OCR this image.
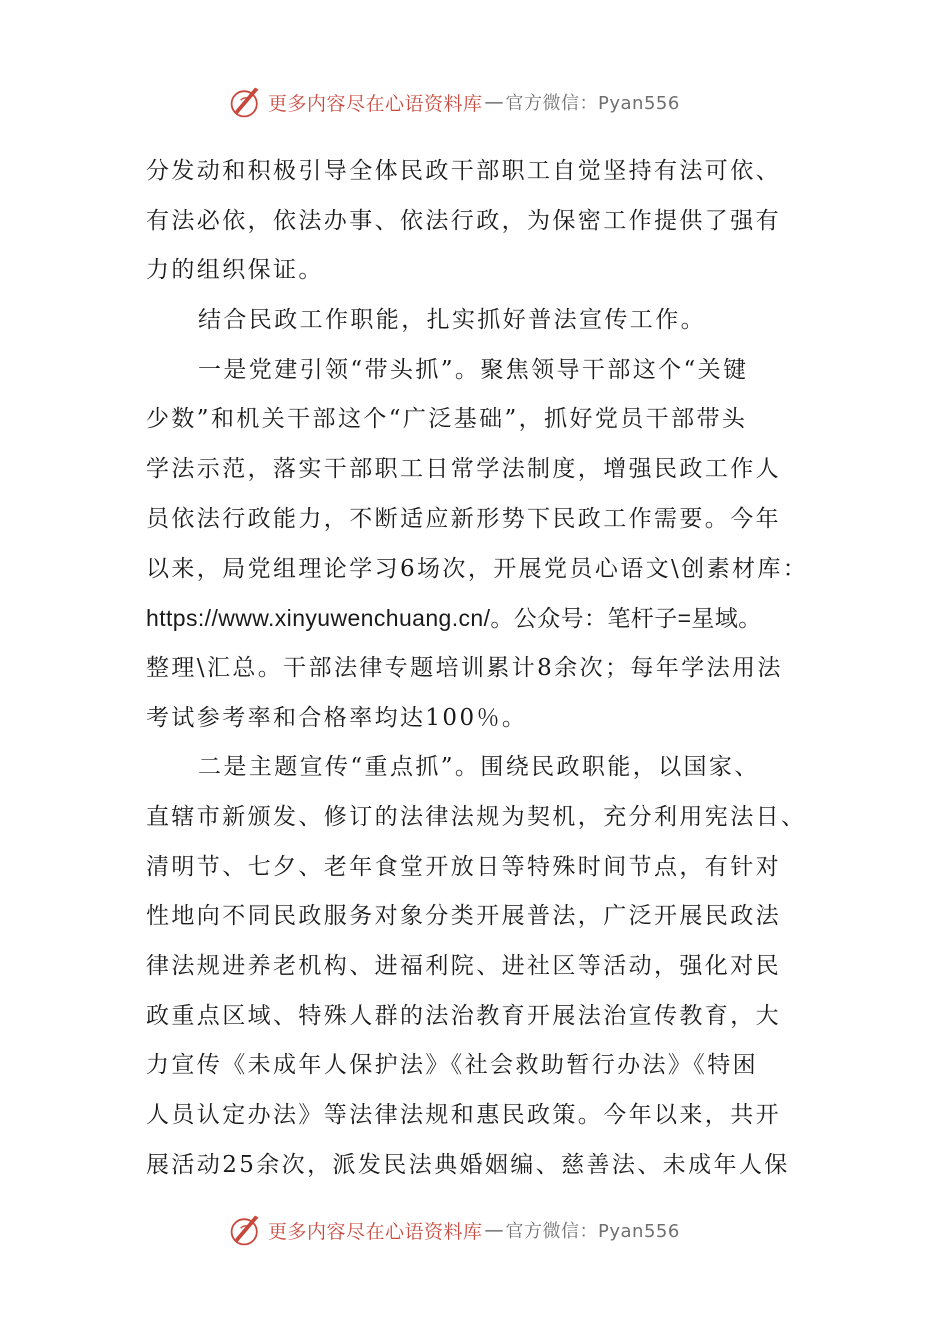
更多内容尽在心语资料库 — 官方微信：Pyan556
分发动和积极引导全体民政干部职工自觉坚持有法可依、
有法必依，依法办事、依法行政，为保密工作提供了强有
力的组织保证。
结合民政工作职能，扎实抓好普法宣传工作。
一是党建引领“带头抓”。聚焦领导干部这个“关键
少数”和机关干部这个“广泛基础”，抓好党员干部带头
学法示范，落实干部职工日常学法制度，增强民政工作人
员依法行政能力，不断适应新形势下民政工作需要。今年
以来，局党组理论学习6场次，开展党员心语文\创素材库：
https://www.xinyuwenchuang.cn/。公众号：笔杆子=星域。
整理\汇总。干部法律专题培训累计8余次；每年学法用法
考试参考率和合格率均达100％。
二是主题宣传“重点抓”。围绕民政职能，以国家、
直辖市新颁发、修订的法律法规为契机，充分利用宪法日、
清明节、七夕、老年食堂开放日等特殊时间节点，有针对
性地向不同民政服务对象分类开展普法，广泛开展民政法
律法规进养老机构、进福利院、进社区等活动，强化对民
政重点区域、特殊人群的法治教育开展法治宣传教育，大
力宣传《未成年人保护法》《社会救助暂行办法》《特困
人员认定办法》等法律法规和惠民政策。今年以来，共开
展活动25余次，派发民法典婚姻编、慈善法、未成年人保
更多内容尽在心语资料库 — 官方微信：Pyan556
